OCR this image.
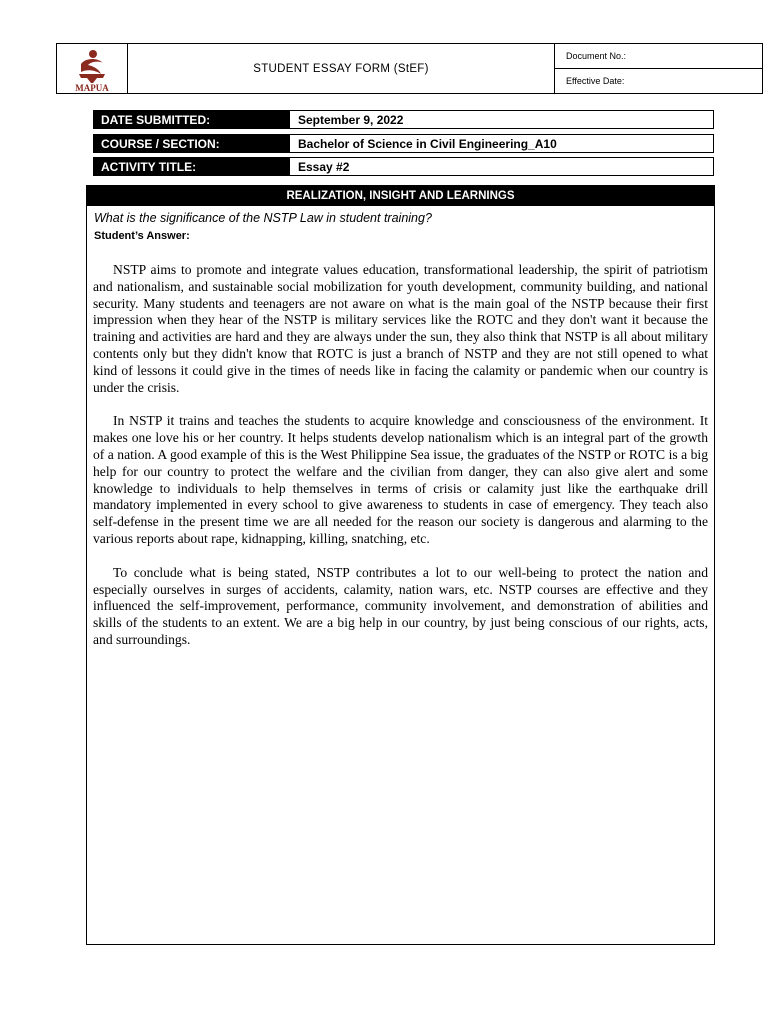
MAPUA
STUDENT ESSAY FORM (StEF)
Document No.:
Effective Date:
DATE SUBMITTED:	September 9, 2022
COURSE / SECTION:	Bachelor of Science in Civil Engineering_A10
ACTIVITY TITLE:	Essay #2
REALIZATION, INSIGHT AND LEARNINGS
What is the significance of the NSTP Law in student training?
Student’s Answer:

NSTP aims to promote and integrate values education, transformational leadership, the spirit of patriotism and nationalism, and sustainable social mobilization for youth development, community building, and national security. Many students and teenagers are not aware on what is the main goal of the NSTP because their first impression when they hear of the NSTP is military services like the ROTC and they don't want it because the training and activities are hard and they are always under the sun, they also think that NSTP is all about military contents only but they didn't know that ROTC is just a branch of NSTP and they are not still opened to what kind of lessons it could give in the times of needs like in facing the calamity or pandemic when our country is under the crisis.

In NSTP it trains and teaches the students to acquire knowledge and consciousness of the environment. It makes one love his or her country. It helps students develop nationalism which is an integral part of the growth of a nation. A good example of this is the West Philippine Sea issue, the graduates of the NSTP or ROTC is a big help for our country to protect the welfare and the civilian from danger, they can also give alert and some knowledge to individuals to help themselves in terms of crisis or calamity just like the earthquake drill mandatory implemented in every school to give awareness to students in case of emergency. They teach also self-defense in the present time we are all needed for the reason our society is dangerous and alarming to the various reports about rape, kidnapping, killing, snatching, etc.

To conclude what is being stated, NSTP contributes a lot to our well-being to protect the nation and especially ourselves in surges of accidents, calamity, nation wars, etc. NSTP courses are effective and they influenced the self-improvement, performance, community involvement, and demonstration of abilities and skills of the students to an extent. We are a big help in our country, by just being conscious of our rights, acts, and surroundings.
